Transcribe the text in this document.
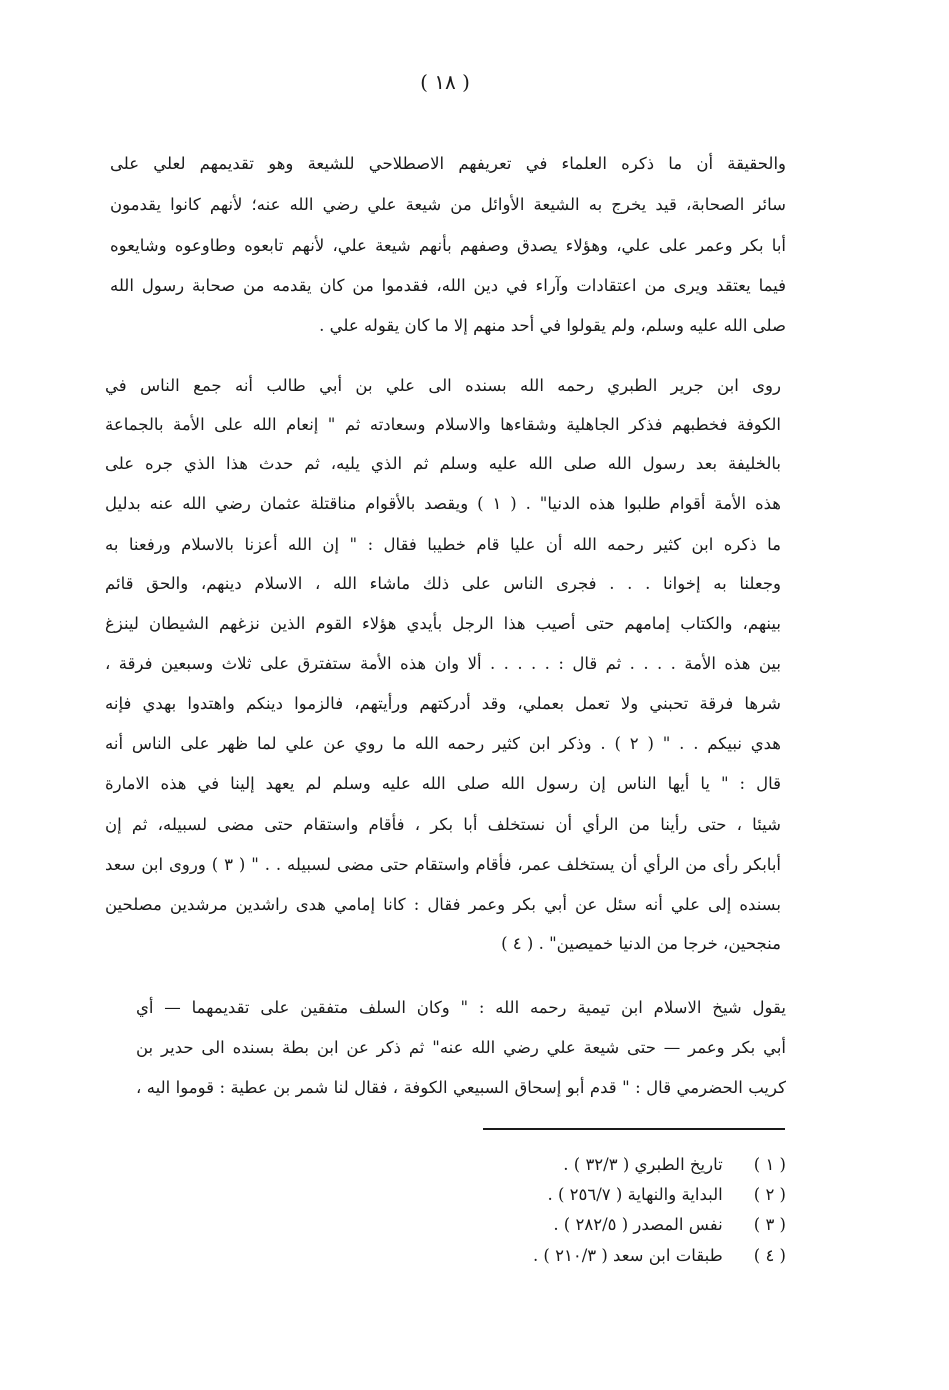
( ١٨ )
والحقيقة أن ما ذكره العلماء في تعريفهم الاصطلاحي للشيعة وهو تقديمهم لعلي على
سائر الصحابة، قيد يخرج به الشيعة الأوائل من شيعة علي رضي الله عنه؛ لأنهم كانوا يقدمون
أبا بكر وعمر على علي، وهؤلاء يصدق وصفهم بأنهم شيعة علي، لأنهم تابعوه وطاوعوه وشايعوه
فيما يعتقد ويرى من اعتقادات وآراء في دين الله، فقدموا من كان يقدمه من صحابة رسول الله
صلى الله عليه وسلم، ولم يقولوا في أحد منهم إلا ما كان يقوله علي .
روى ابن جرير الطبري رحمه الله بسنده الى علي بن أبي طالب أنه جمع الناس في
الكوفة فخطبهم فذكر الجاهلية وشقاءها والاسلام وسعادته ثم " إنعام الله على الأمة بالجماعة
بالخليفة بعد رسول الله صلى الله عليه وسلم ثم الذي يليه، ثم حدث هذا الذي جره على
هذه الأمة أقوام طلبوا هذه الدنيا" . ( ١ ) ويقصد بالأقوام مناقتلة عثمان رضي الله عنه بدليل
ما ذكره ابن كثير رحمه الله أن عليا قام خطيبا فقال : " إن الله أعزنا بالاسلام ورفعنا به
وجعلنا به إخوانا . . . فجرى الناس على ذلك ماشاء الله ، الاسلام دينهم، والحق قائم
بينهم، والكتاب إمامهم حتى أصيب هذا الرجل بأيدي هؤلاء القوم الذين نزغهم الشيطان لينزغ
بين هذه الأمة . . . . ثم قال : . . . . . ألا وان هذه الأمة ستفترق على ثلاث وسبعين فرقة ،
شرها فرقة تحبني ولا تعمل بعملي، وقد أدركتهم ورأيتهم، فالزموا دينكم واهتدوا بهدي فإنه
هدي نبيكم . . " ( ٢ ) . وذكر ابن كثير رحمه الله ما روي عن علي لما ظهر على الناس أنه
قال : " يا أيها الناس إن رسول الله صلى الله عليه وسلم لم يعهد إلينا في هذه الامارة
شيئا ، حتى رأينا من الرأي أن نستخلف أبا بكر ، فأقام واستقام حتى مضى لسبيله، ثم إن
أبابكر رأى من الرأي أن يستخلف عمر، فأقام واستقام حتى مضى لسبيله . . " ( ٣ ) وروى ابن سعد
بسنده إلى علي أنه سئل عن أبي بكر وعمر فقال : كانا إمامي هدى راشدين مرشدين مصلحين
منجحين، خرجا من الدنيا خميصين" . ( ٤ )
يقول شيخ الاسلام ابن تيمية رحمه الله : " وكان السلف متفقين على تقديمهما — أي
أبي بكر وعمر — حتى شيعة علي رضي الله عنه" ثم ذكر عن ابن بطة بسنده الى حدير بن
كريب الحضرمي قال : " قدم أبو إسحاق السبيعي الكوفة ، فقال لنا شمر بن عطية : قوموا اليه ،
( ١ ) تاريخ الطبري ( ٣٢/٣ ) .
( ٢ ) البداية والنهاية ( ٢٥٦/٧ ) .
( ٣ ) نفس المصدر ( ٢٨٢/٥ ) .
( ٤ ) طبقات ابن سعد ( ٢١٠/٣ ) .
